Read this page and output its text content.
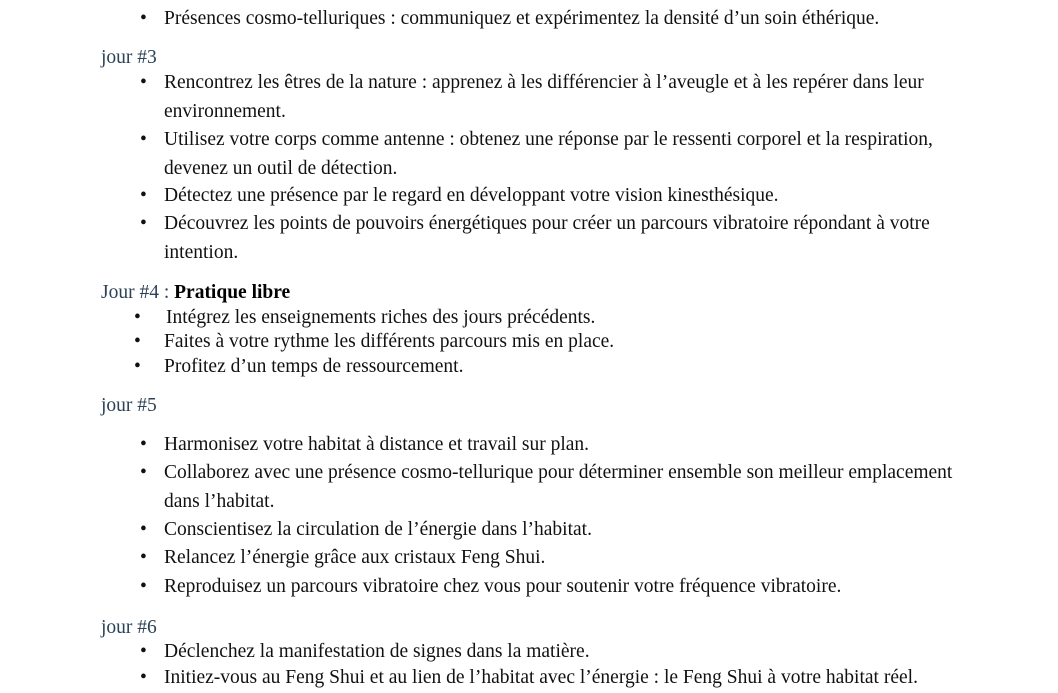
• Présences cosmo-telluriques : communiquez et expérimentez la densité d’un soin éthérique.
jour #3
• Rencontrez les êtres de la nature : apprenez à les différencier à l’aveugle et à les repérer dans leur environnement.
• Utilisez votre corps comme antenne : obtenez une réponse par le ressenti corporel et la respiration, devenez un outil de détection.
• Détectez une présence par le regard en développant votre vision kinesthésique.
• Découvrez les points de pouvoirs énergétiques pour créer un parcours vibratoire répondant à votre intention.
Jour #4 : Pratique libre
• Intégrez les enseignements riches des jours précédents.
• Faites à votre rythme les différents parcours mis en place.
• Profitez d’un temps de ressourcement.
jour #5
• Harmonisez votre habitat à distance et travail sur plan.
• Collaborez avec une présence cosmo-tellurique pour déterminer ensemble son meilleur emplacement dans l’habitat.
• Conscientisez la circulation de l’énergie dans l’habitat.
• Relancez l’énergie grâce aux cristaux Feng Shui.
• Reproduisez un parcours vibratoire chez vous pour soutenir votre fréquence vibratoire.
jour #6
• Déclenchez la manifestation de signes dans la matière.
• Initiez-vous au Feng Shui et au lien de l’habitat avec l’énergie : le Feng Shui à votre habitat réel.
